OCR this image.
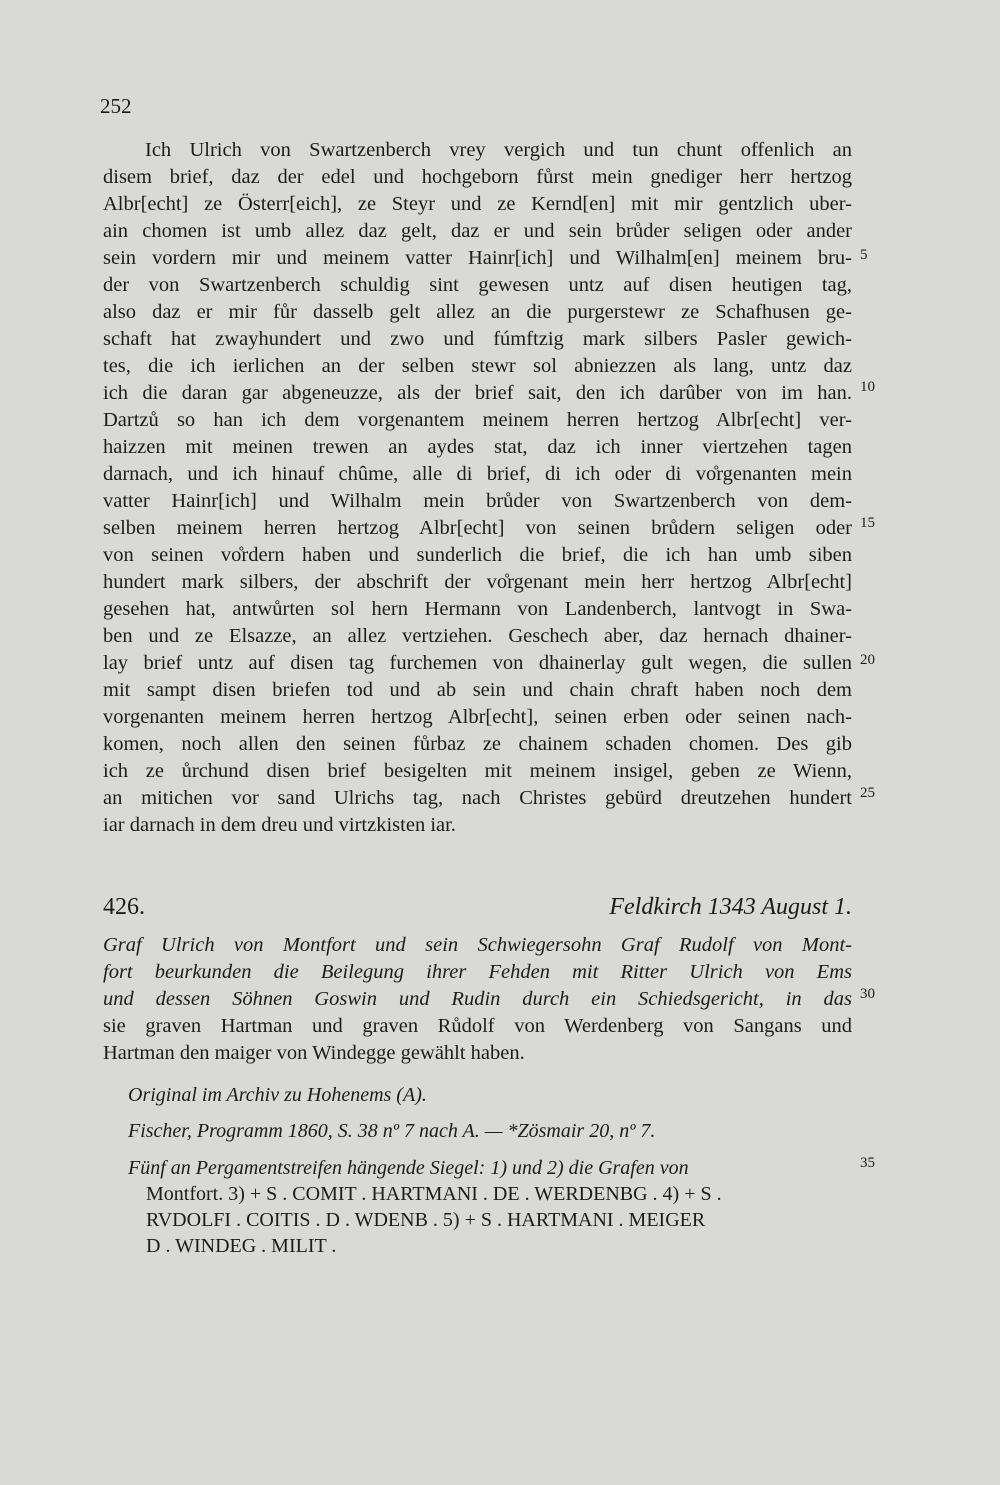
252
Ich Ulrich von Swartzenberch vrey vergich und tun chunt offenlich an
disem brief, daz der edel und hochgeborn fůrst mein gnediger herr hertzog
Albr[echt] ze Österr[eich], ze Steyr und ze Kernd[en] mit mir gentzlich uber-
ain chomen ist umb allez daz gelt, daz er und sein brůder seligen oder ander
sein vordern mir und meinem vatter Hainr[ich] und Wilhalm[en] meinem bru-
der von Swartzenberch schuldig sint gewesen untz auf disen heutigen tag,
also daz er mir fůr dasselb gelt allez an die purgerstewr ze Schafhusen ge-
schaft hat zwayhundert und zwo und fúmftzig mark silbers Pasler gewich-
tes, die ich ierlichen an der selben stewr sol abniezzen als lang, untz daz
ich die daran gar abgeneuzze, als der brief sait, den ich darûber von im han.
Dartzů so han ich dem vorgenantem meinem herren hertzog Albr[echt] ver-
haizzen mit meinen trewen an aydes stat, daz ich inner viertzehen tagen
darnach, und ich hinauf chûme, alle di brief, di ich oder di vo̊rgenanten mein
vatter Hainr[ich] und Wilhalm mein brůder von Swartzenberch von dem-
selben meinem herren hertzog Albr[echt] von seinen brůdern seligen oder
von seinen vo̊rdern haben und sunderlich die brief, die ich han umb siben
hundert mark silbers, der abschrift der vo̊rgenant mein herr hertzog Albr[echt]
gesehen hat, antwůrten sol hern Hermann von Landenberch, lantvogt in Swa-
ben und ze Elsazze, an allez vertziehen. Geschech aber, daz hernach dhainer-
lay brief untz auf disen tag furchemen von dhainerlay gult wegen, die sullen
mit sampt disen briefen tod und ab sein und chain chraft haben noch dem
vorgenanten meinem herren hertzog Albr[echt], seinen erben oder seinen nach-
komen, noch allen den seinen fůrbaz ze chainem schaden chomen. Des gib
ich ze ůrchund disen brief besigelten mit meinem insigel, geben ze Wienn,
an mitichen vor sand Ulrichs tag, nach Christes gebürd dreutzehen hundert
iar darnach in dem dreu und virtzkisten iar.
5
10
15
20
25
426.	Feldkirch 1343 August 1.
Graf Ulrich von Montfort und sein Schwiegersohn Graf Rudolf von Mont-
fort beurkunden die Beilegung ihrer Fehden mit Ritter Ulrich von Ems
und dessen Söhnen Goswin und Rudin durch ein Schiedsgericht, in das
sie graven Hartman und graven Růdolf von Werdenberg von Sangans und
Hartman den maiger von Windegge gewählt haben.
30
35
Original im Archiv zu Hohenems (A).
Fischer, Programm 1860, S. 38 nº 7 nach A. — *Zösmair 20, nº 7.
Fünf an Pergamentstreifen hängende Siegel: 1) und 2) die Grafen von
Montfort. 3) + S . COMIT . HARTMANI . DE . WERDENBG . 4) + S .
RVDOLFI . COITIS . D . WDENB . 5) + S . HARTMANI . MEIGER
D . WINDEG . MILIT .
